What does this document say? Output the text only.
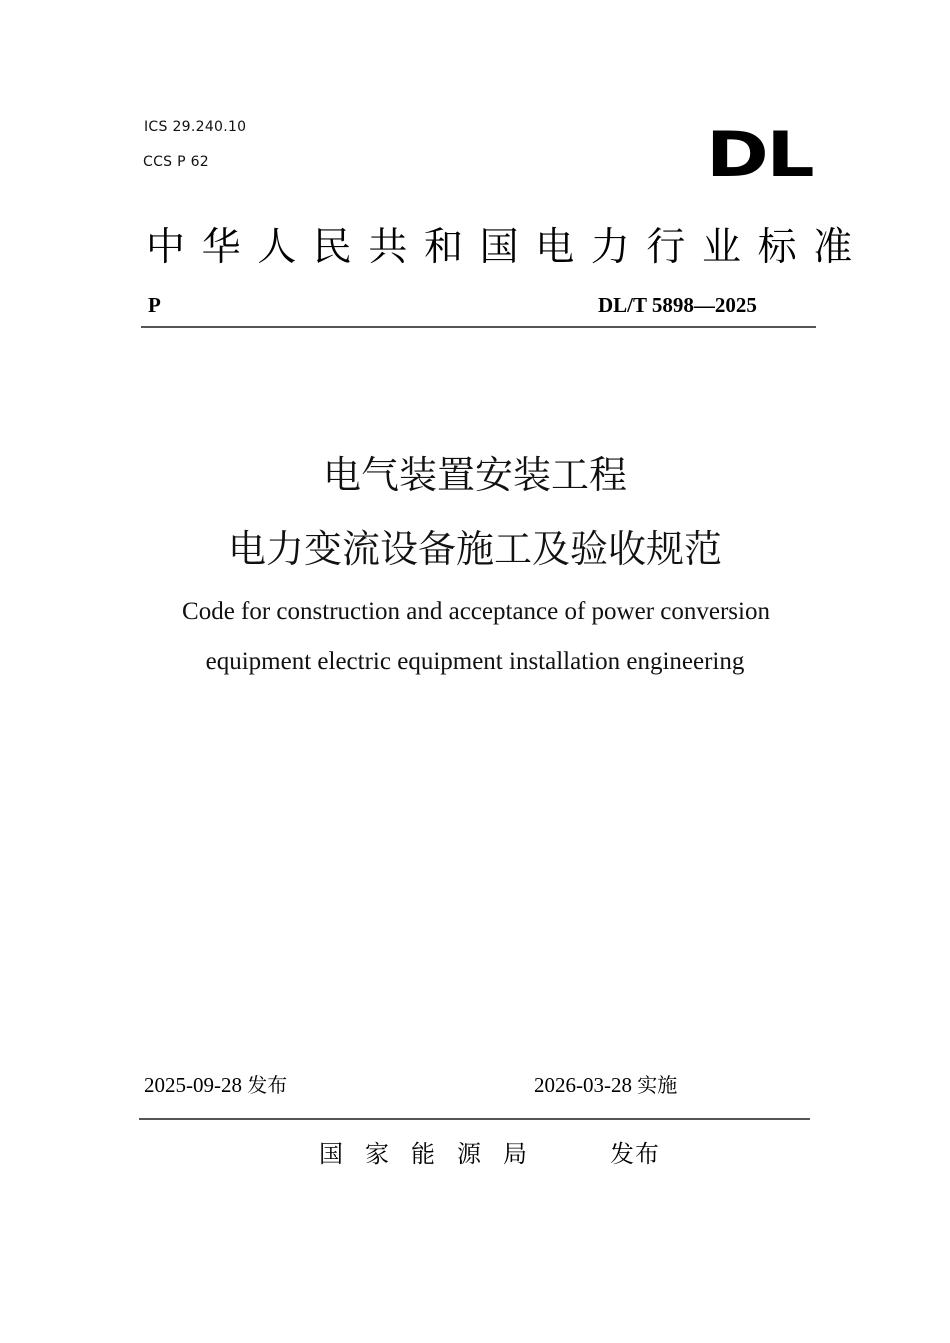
ICS 29.240.10
CCS P 62	DL
中华人民共和国电力行业标准
P	DL/T 5898—2025
电气装置安装工程
电力变流设备施工及验收规范
Code for construction and acceptance of power conversion
equipment electric equipment installation engineering
2025-09-28 发布	2026-03-28 实施
国家能源局	发布
